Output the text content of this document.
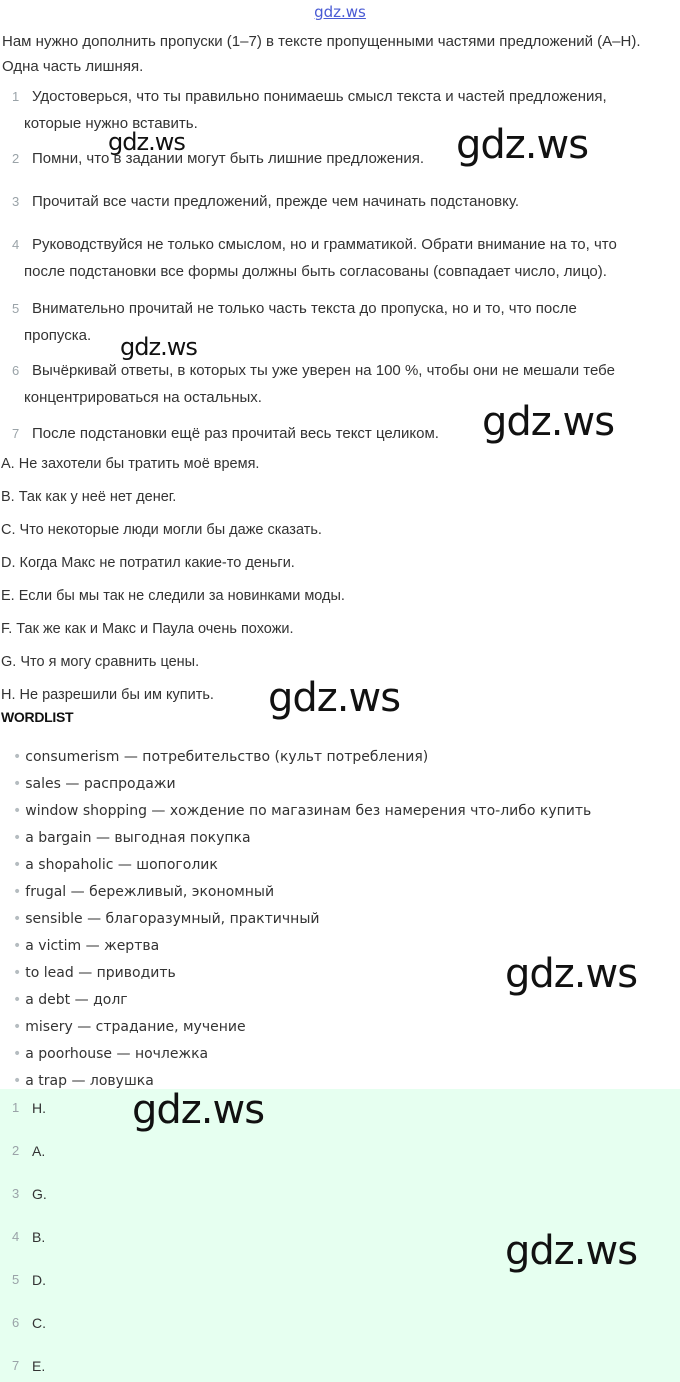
gdz.ws
Нам нужно дополнить пропуски (1–7) в тексте пропущенными частями предложений (A–H). Одна часть лишняя.
1 Удостоверься, что ты правильно понимаешь смысл текста и частей предложения,
которые нужно вставить.
2 Помни, что в задании могут быть лишние предложения.
3 Прочитай все части предложений, прежде чем начинать подстановку.
4 Руководствуйся не только смыслом, но и грамматикой. Обрати внимание на то, что
после подстановки все формы должны быть согласованы (совпадает число, лицо).
5 Внимательно прочитай не только часть текста до пропуска, но и то, что после
пропуска.
6 Вычёркивай ответы, в которых ты уже уверен на 100 %, чтобы они не мешали тебе
концентрироваться на остальных.
7 После подстановки ещё раз прочитай весь текст целиком.
A. Не захотели бы тратить моё время.
B. Так как у неё нет денег.
C. Что некоторые люди могли бы даже сказать.
D. Когда Макс не потратил какие-то деньги.
E. Если бы мы так не следили за новинками моды.
F. Так же как и Макс и Паула очень похожи.
G. Что я могу сравнить цены.
H. Не разрешили бы им купить.
WORDLIST
• consumerism — потребительство (культ потребления)
• sales — распродажи
• window shopping — хождение по магазинам без намерения что-либо купить
• a bargain — выгодная покупка
• a shopaholic — шопоголик
• frugal — бережливый, экономный
• sensible — благоразумный, практичный
• a victim — жертва
• to lead — приводить
• a debt — долг
• misery — страдание, мучение
• a poorhouse — ночлежка
• a trap — ловушка
1 H.
2 A.
3 G.
4 B.
5 D.
6 C.
7 E.
gdz.ws	gdz.ws
gdz.ws
gdz.ws
gdz.ws
gdz.ws
gdz.ws
gdz.ws
